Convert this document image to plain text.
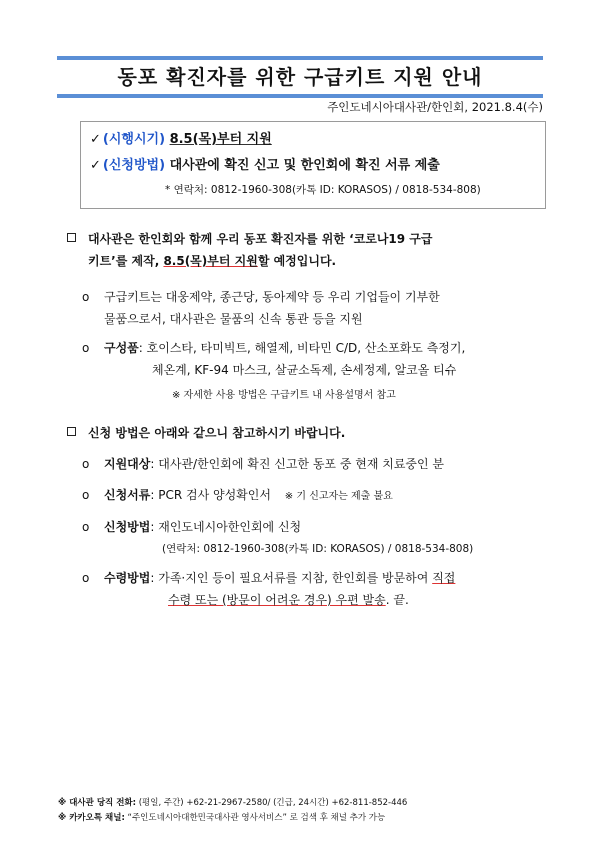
동포 확진자를 위한 구급키트 지원 안내
주인도네시아대사관/한인회, 2021.8.4(수)
✓ (시행시기) 8.5(목)부터 지원
✓ (신청방법) 대사관에 확진 신고 및 한인회에 확진 서류 제출
* 연락처: 0812-1960-308(카톡 ID: KORASOS) / 0818-534-808)
대사관은 한인회와 함께 우리 동포 확진자를 위한 ‘코로나19 구급
키트’를 제작, 8.5(목)부터 지원할 예정입니다.
o 구급키트는 대웅제약, 종근당, 동아제약 등 우리 기업들이 기부한
물품으로서, 대사관은 물품의 신속 통관 등을 지원
o 구성품: 호이스타, 타미빅트, 해열제, 비타민 C/D, 산소포화도 측정기,
체온계, KF-94 마스크, 살균소독제, 손세정제, 알코올 티슈
※ 자세한 사용 방법은 구급키트 내 사용설명서 참고
신청 방법은 아래와 같으니 참고하시기 바랍니다.
o 지원대상: 대사관/한인회에 확진 신고한 동포 중 현재 치료중인 분
o 신청서류: PCR 검사 양성확인서 ※ 기 신고자는 제출 불요
o 신청방법: 재인도네시아한인회에 신청
(연락처: 0812-1960-308(카톡 ID: KORASOS) / 0818-534-808)
o 수령방법: 가족·지인 등이 필요서류를 지참, 한인회를 방문하여 직접
수령 또는 (방문이 어려운 경우) 우편 발송. 끝.
※ 대사관 당직 전화: (평일, 주간) +62-21-2967-2580/ (긴급, 24시간) +62-811-852-446
※ 카카오톡 채널: “주인도네시아대한민국대사관 영사서비스” 로 검색 후 채널 추가 가능
